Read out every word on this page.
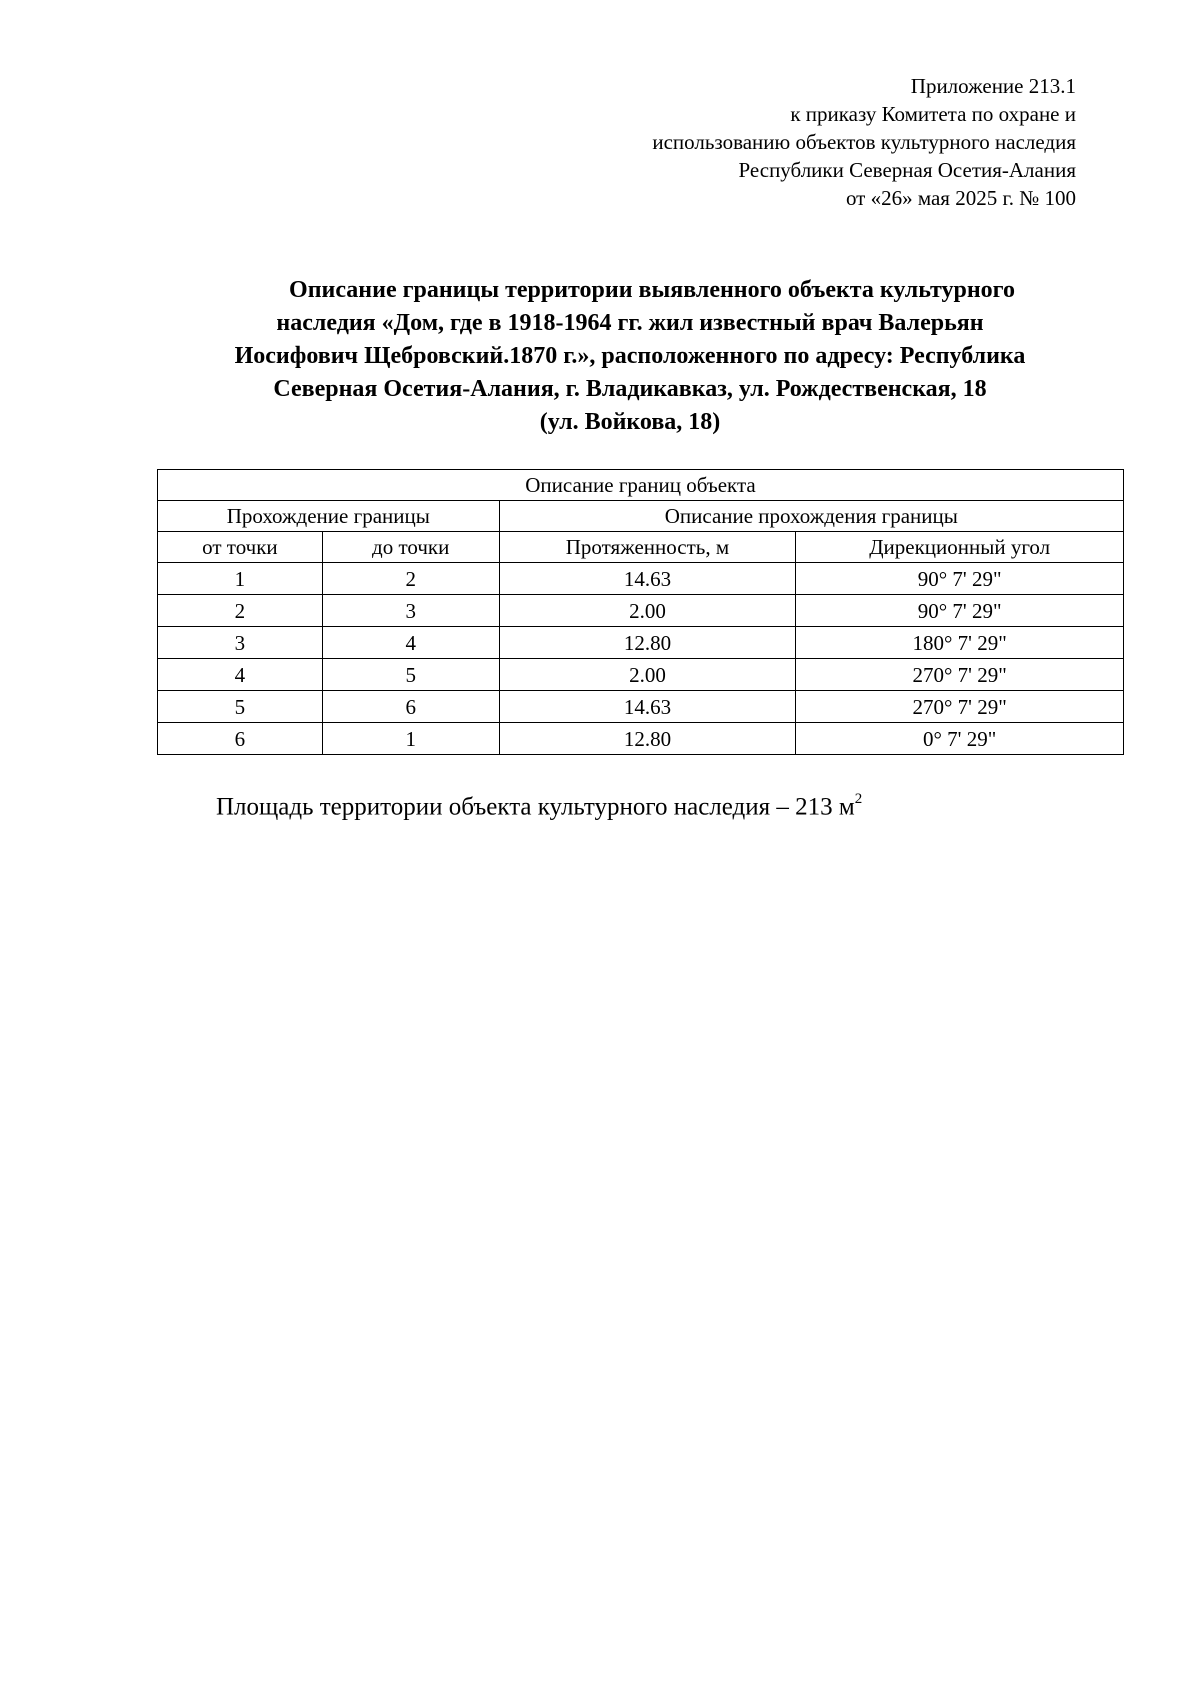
Приложение 213.1
к приказу Комитета по охране и
использованию объектов культурного наследия
Республики Северная Осетия-Алания
от «26» мая 2025 г. № 100
Описание границы территории выявленного объекта культурного
наследия «Дом, где в 1918-1964 гг. жил известный врач Валерьян
Иосифович Щебровский.1870 г.», расположенного по адресу: Республика
Северная Осетия-Алания, г. Владикавказ, ул. Рождественская, 18
(ул. Войкова, 18)
Описание границ объекта			
Прохождение границы		Описание прохождения границы	
от точки	до точки	Протяженность, м	Дирекционный угол
1	2	14.63	90° 7' 29"
2	3	2.00	90° 7' 29"
3	4	12.80	180° 7' 29"
4	5	2.00	270° 7' 29"
5	6	14.63	270° 7' 29"
6	1	12.80	0° 7' 29"
Площадь территории объекта культурного наследия – 213 $м^2$
